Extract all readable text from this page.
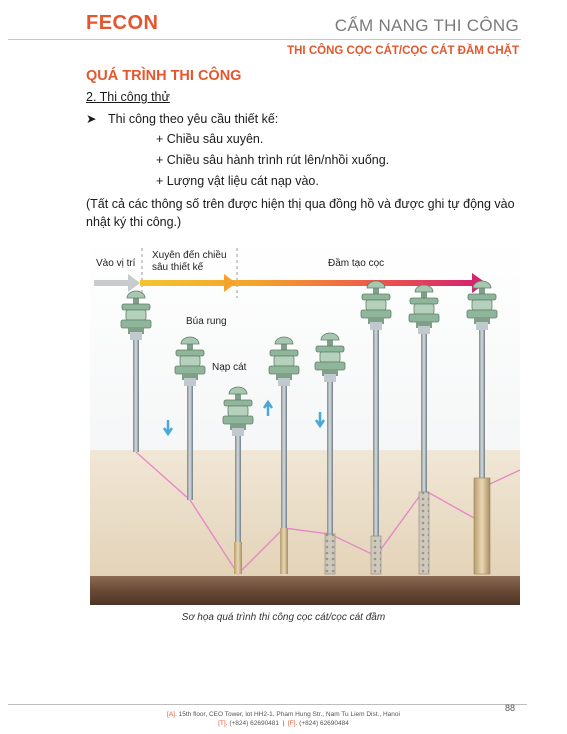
FECON	CẨM NANG THI CÔNG
THI CÔNG CỌC CÁT/CỌC CÁT ĐẦM CHẶT
QUÁ TRÌNH THI CÔNG
2. Thi công thử
➤ Thi công theo yêu cầu thiết kế:
+ Chiều sâu xuyên.
+ Chiều sâu hành trình rút lên/nhồi xuống.
+ Lượng vật liệu cát nạp vào.
(Tất cả các thông số trên được hiện thị qua đồng hồ và được ghi tự động vào nhật ký thi công.)
Vào vị trí
Xuyên đến chiều
sâu thiết kế	Đầm tạo cọc
Búa rung
Nạp cát
Sơ họa quá trình thi công cọc cát/cọc cát đầm
88
[A]. 15th floor, CEO Tower, lot HH2-1, Pham Hung Str., Nam Tu Liem Dist., Hanoi
[T]. (+824) 62690481  |  [F]. (+824) 62690484
